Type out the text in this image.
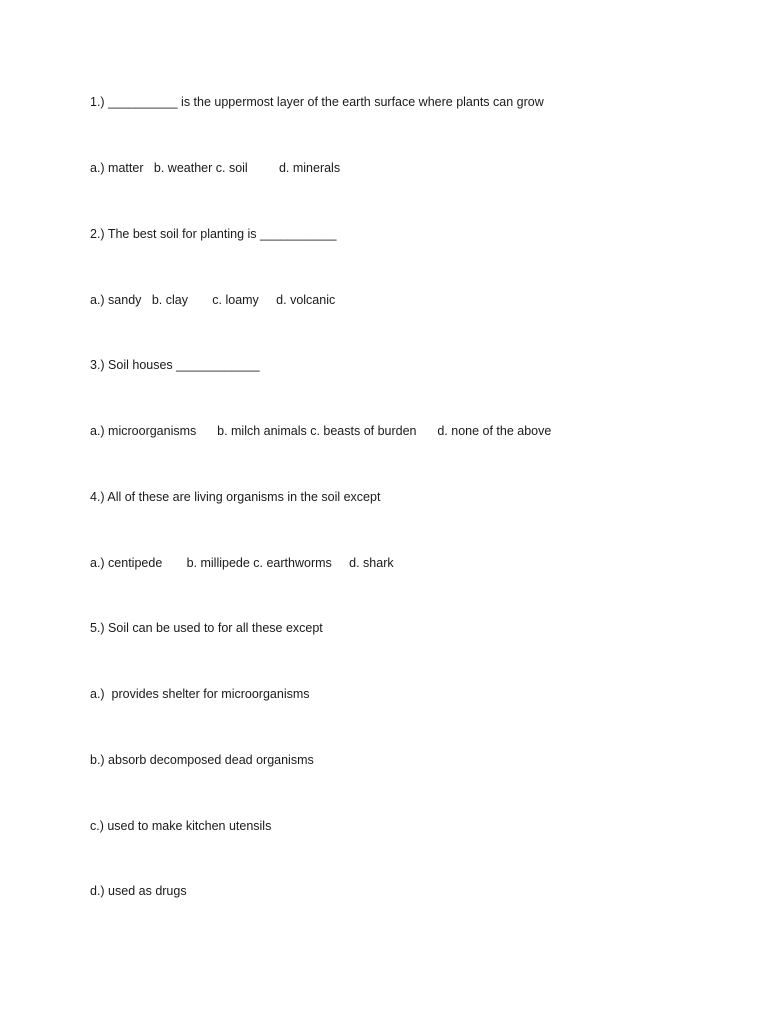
1.) __________ is the uppermost layer of the earth surface where plants can grow

a.) matter   b. weather c. soil         d. minerals

2.) The best soil for planting is ___________

a.) sandy   b. clay       c. loamy     d. volcanic

3.) Soil houses ____________

a.) microorganisms      b. milch animals c. beasts of burden      d. none of the above

4.) All of these are living organisms in the soil except

a.) centipede       b. millipede c. earthworms     d. shark

5.) Soil can be used to for all these except

a.)  provides shelter for microorganisms

b.) absorb decomposed dead organisms

c.) used to make kitchen utensils

d.) used as drugs
